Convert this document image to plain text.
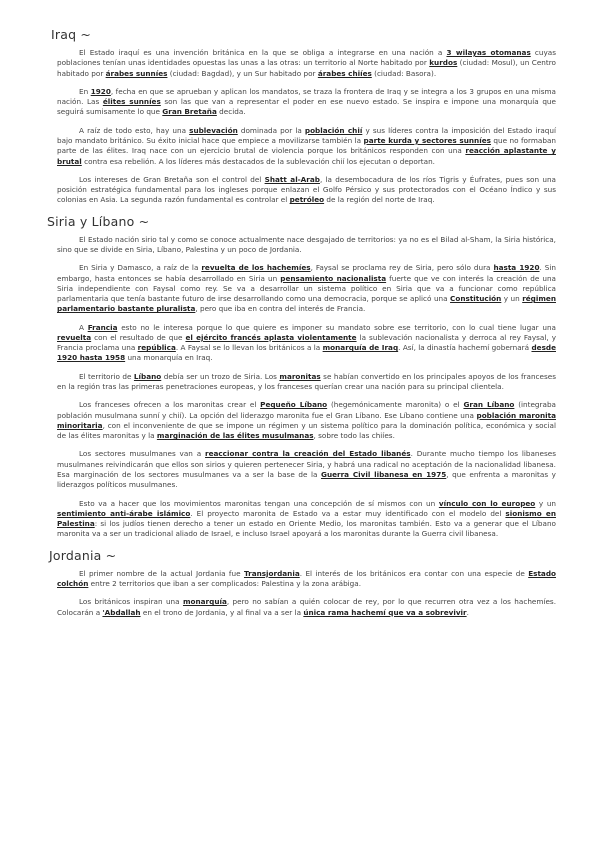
Iraq ~

El Estado iraquí es una invención británica en la que se obliga a integrarse en una nación a 3 wilayas otomanas cuyas poblaciones tenían unas identidades opuestas las unas a las otras: un territorio al Norte habitado por kurdos (ciudad: Mosul), un Centro habitado por árabes sunníes (ciudad: Bagdad), y un Sur habitado por árabes chiíes (ciudad: Basora).

En 1920, fecha en que se aprueban y aplican los mandatos, se traza la frontera de Iraq y se integra a los 3 grupos en una misma nación. Las élites sunníes son las que van a representar el poder en ese nuevo estado. Se inspira e impone una monarquía que seguirá sumisamente lo que Gran Bretaña decida.

A raíz de todo esto, hay una sublevación dominada por la población chií y sus líderes contra la imposición del Estado iraquí bajo mandato británico. Su éxito inicial hace que empiece a movilizarse también la parte kurda y sectores sunníes que no formaban parte de las élites. Iraq nace con un ejercicio brutal de violencia porque los británicos responden con una reacción aplastante y brutal contra esa rebelión. A los líderes más destacados de la sublevación chií los ejecutan o deportan.

Los intereses de Gran Bretaña son el control del Shatt al-Arab, la desembocadura de los ríos Tigris y Éufrates, pues son una posición estratégica fundamental para los ingleses porque enlazan el Golfo Pérsico y sus protectorados con el Océano Índico y sus colonias en Asia. La segunda razón fundamental es controlar el petróleo de la región del norte de Iraq.

Siria y Líbano ~

El Estado nación sirio tal y como se conoce actualmente nace desgajado de territorios: ya no es el Bilad al-Sham, la Siria histórica, sino que se divide en Siria, Líbano, Palestina y un poco de Jordania.

En Siria y Damasco, a raíz de la revuelta de los hachemíes, Faysal se proclama rey de Siria, pero sólo dura hasta 1920. Sin embargo, hasta entonces se había desarrollado en Siria un pensamiento nacionalista fuerte que ve con interés la creación de una Siria independiente con Faysal como rey. Se va a desarrollar un sistema político en Siria que va a funcionar como república parlamentaria que tenía bastante futuro de irse desarrollando como una democracia, porque se aplicó una Constitución y un régimen parlamentario bastante pluralista, pero que iba en contra del interés de Francia.

A Francia esto no le interesa porque lo que quiere es imponer su mandato sobre ese territorio, con lo cual tiene lugar una revuelta con el resultado de que el ejército francés aplasta violentamente la sublevación nacionalista y derroca al rey Faysal, y Francia proclama una república. A Faysal se lo llevan los británicos a la monarquía de Iraq. Así, la dinastía hachemí gobernará desde 1920 hasta 1958 una monarquía en Iraq.

El territorio de Líbano debía ser un trozo de Siria. Los maronitas se habían convertido en los principales apoyos de los franceses en la región tras las primeras penetraciones europeas, y los franceses querían crear una nación para su principal clientela.

Los franceses ofrecen a los maronitas crear el Pequeño Líbano (hegemónicamente maronita) o el Gran Líbano (integraba población musulmana sunní y chií). La opción del liderazgo maronita fue el Gran Líbano. Ese Líbano contiene una población maronita minoritaria, con el inconveniente de que se impone un régimen y un sistema político para la dominación política, económica y social de las élites maronitas y la marginación de las élites musulmanas, sobre todo las chiíes.

Los sectores musulmanes van a reaccionar contra la creación del Estado libanés. Durante mucho tiempo los libaneses musulmanes reivindicarán que ellos son sirios y quieren pertenecer Siria, y habrá una radical no aceptación de la nacionalidad libanesa. Esa marginación de los sectores musulmanes va a ser la base de la Guerra Civil libanesa en 1975, que enfrenta a maronitas y liderazgos políticos musulmanes.

Esto va a hacer que los movimientos maronitas tengan una concepción de sí mismos con un vínculo con lo europeo y un sentimiento anti-árabe islámico. El proyecto maronita de Estado va a estar muy identificado con el modelo del sionismo en Palestina: si los judíos tienen derecho a tener un estado en Oriente Medio, los maronitas también. Esto va a generar que el Líbano maronita va a ser un tradicional aliado de Israel, e incluso Israel apoyará a los maronitas durante la Guerra civil libanesa.

Jordania ~

El primer nombre de la actual Jordania fue Transjordania. El interés de los británicos era contar con una especie de Estado colchón entre 2 territorios que iban a ser complicados: Palestina y la zona arábiga.

Los británicos inspiran una monarquía, pero no sabían a quién colocar de rey, por lo que recurren otra vez a los hachemíes. Colocarán a 'Abdallah en el trono de Jordania, y al final va a ser la única rama hachemí que va a sobrevivir.
